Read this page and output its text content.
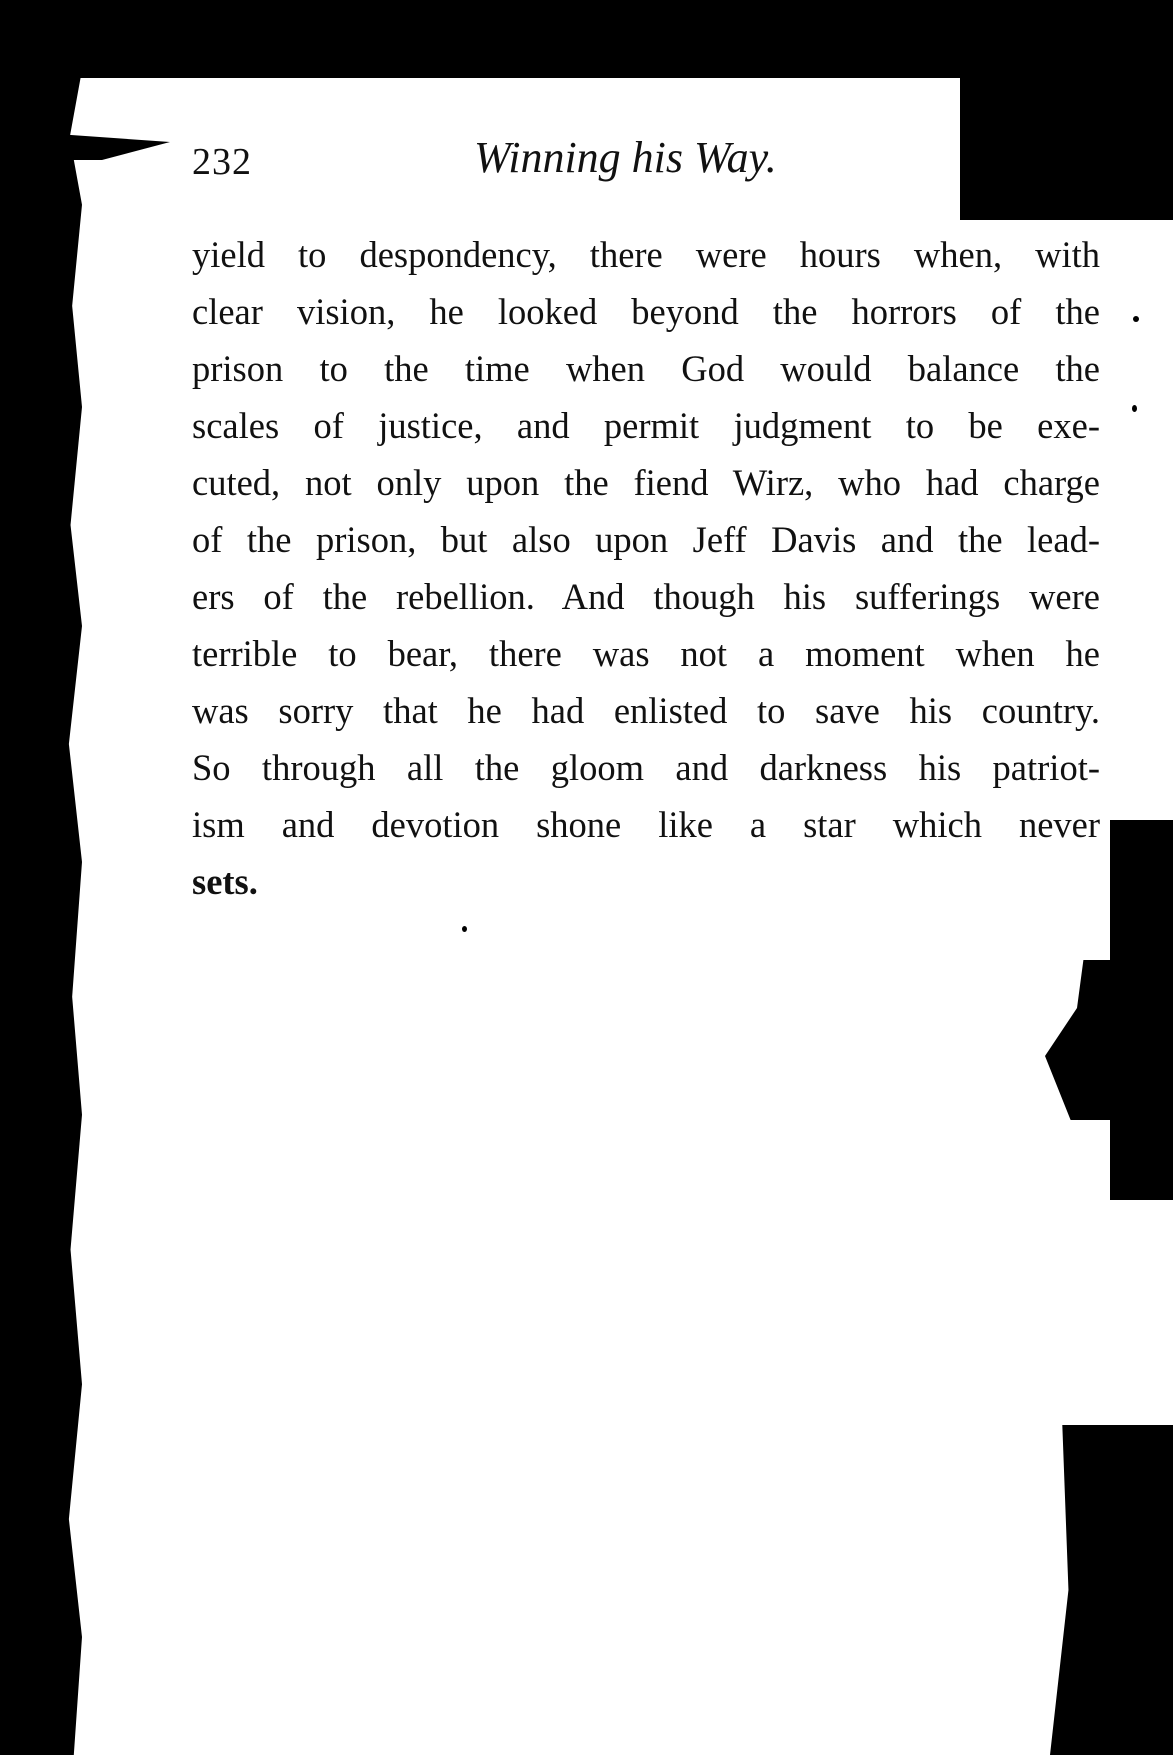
232	Winning his Way.
yield to despondency, there were hours when, with
clear vision, he looked beyond the horrors of the
prison to the time when God would balance the
scales of justice, and permit judgment to be exe-
cuted, not only upon the fiend Wirz, who had charge
of the prison, but also upon Jeff Davis and the lead-
ers of the rebellion. And though his sufferings were
terrible to bear, there was not a moment when he
was sorry that he had enlisted to save his country.
So through all the gloom and darkness his patriot-
ism and devotion shone like a star which never
sets.
